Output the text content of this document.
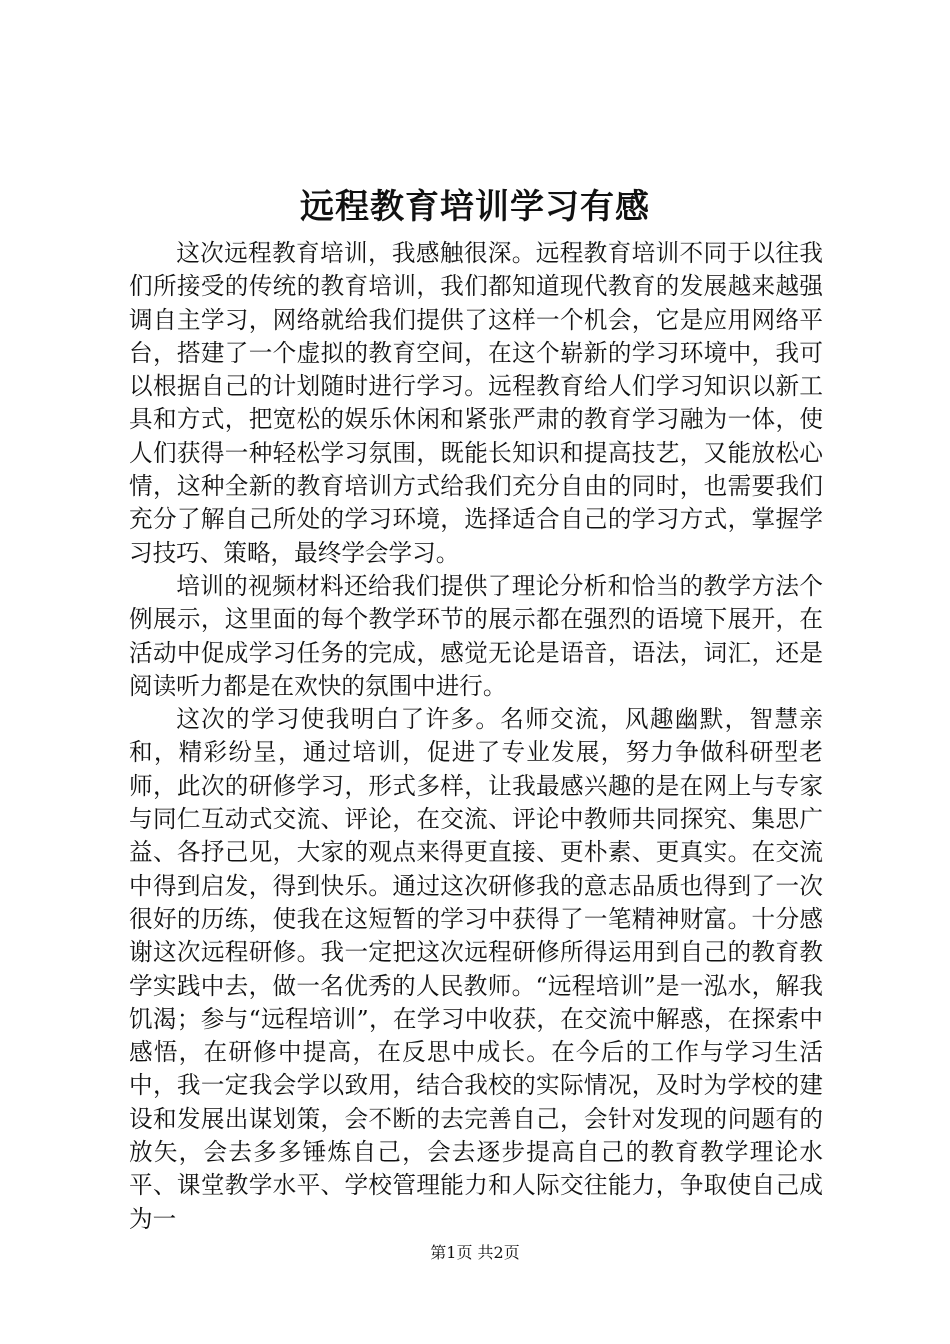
远程教育培训学习有感

这次远程教育培训，我感触很深。远程教育培训不同于以往我们所接受的传统的教育培训，我们都知道现代教育的发展越来越强调自主学习，网络就给我们提供了这样一个机会，它是应用网络平台，搭建了一个虚拟的教育空间，在这个崭新的学习环境中，我可以根据自己的计划随时进行学习。远程教育给人们学习知识以新工具和方式，把宽松的娱乐休闲和紧张严肃的教育学习融为一体，使人们获得一种轻松学习氛围，既能长知识和提高技艺，又能放松心情，这种全新的教育培训方式给我们充分自由的同时，也需要我们充分了解自己所处的学习环境，选择适合自己的学习方式，掌握学习技巧、策略，最终学会学习。

培训的视频材料还给我们提供了理论分析和恰当的教学方法个例展示，这里面的每个教学环节的展示都在强烈的语境下展开，在活动中促成学习任务的完成，感觉无论是语音，语法，词汇，还是阅读听力都是在欢快的氛围中进行。

这次的学习使我明白了许多。名师交流，风趣幽默，智慧亲和，精彩纷呈，通过培训，促进了专业发展，努力争做科研型老师，此次的研修学习，形式多样，让我最感兴趣的是在网上与专家与同仁互动式交流、评论，在交流、评论中教师共同探究、集思广益、各抒己见，大家的观点来得更直接、更朴素、更真实。在交流中得到启发，得到快乐。通过这次研修我的意志品质也得到了一次很好的历练，使我在这短暂的学习中获得了一笔精神财富。十分感谢这次远程研修。我一定把这次远程研修所得运用到自己的教育教学实践中去，做一名优秀的人民教师。“远程培训”是一泓水，解我饥渴；参与“远程培训”，在学习中收获，在交流中解惑，在探索中感悟，在研修中提高，在反思中成长。在今后的工作与学习生活中，我一定我会学以致用，结合我校的实际情况，及时为学校的建设和发展出谋划策，会不断的去完善自己，会针对发现的问题有的放矢，会去多多锤炼自己，会去逐步提高自己的教育教学理论水平、课堂教学水平、学校管理能力和人际交往能力，争取使自己成为一

第1页 共2页
